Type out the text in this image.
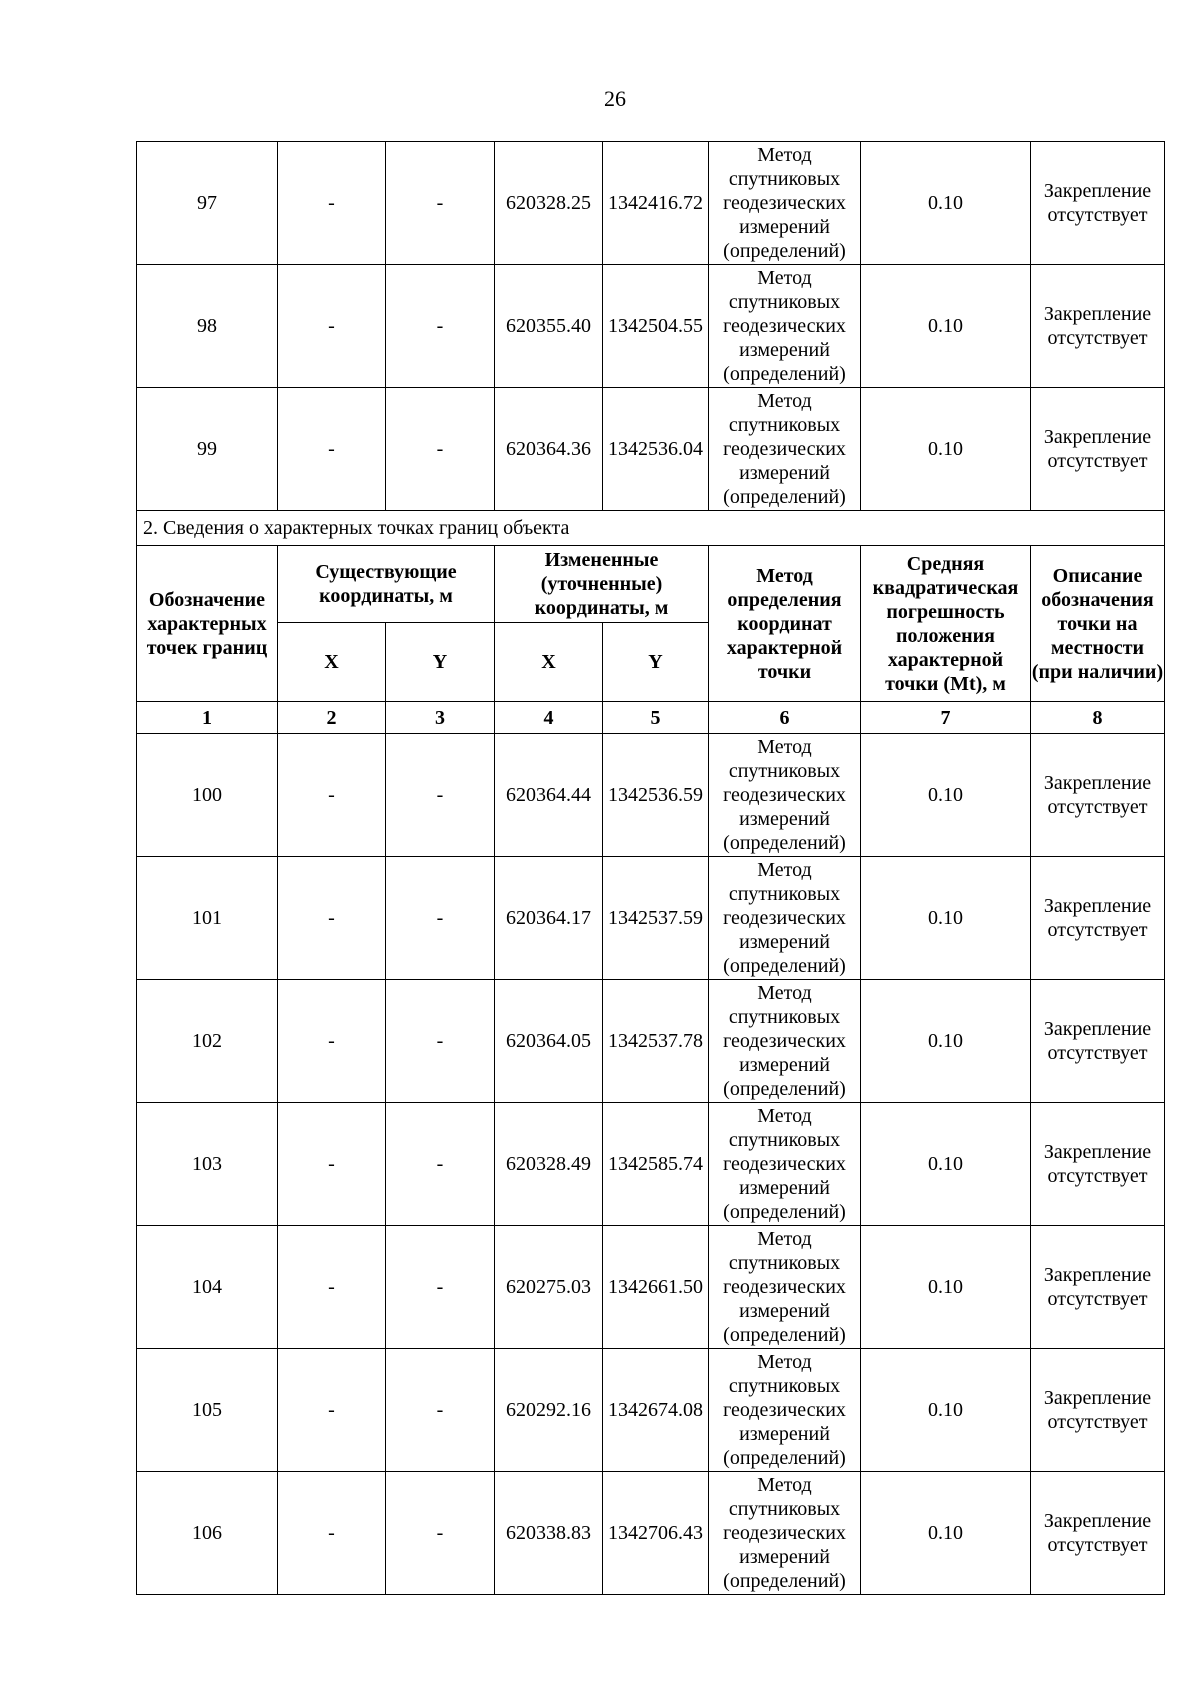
26
97	-	-	620328.25	1342416.72	Метод спутниковых геодезических измерений (определений)	0.10	Закрепление отсутствует
98	-	-	620355.40	1342504.55	Метод спутниковых геодезических измерений (определений)	0.10	Закрепление отсутствует
99	-	-	620364.36	1342536.04	Метод спутниковых геодезических измерений (определений)	0.10	Закрепление отсутствует
2. Сведения о характерных точках границ объекта							
Обозначение характерных точек границ	Существующие координаты, м		Измененные (уточненные) координаты, м		Метод определения координат характерной точки	Средняя квадратическая погрешность положения характерной точки (Mt), м	Описание обозначения точки на местности (при наличии)
	X	Y	X	Y			
1	2	3	4	5	6	7	8
100	-	-	620364.44	1342536.59	Метод спутниковых геодезических измерений (определений)	0.10	Закрепление отсутствует
101	-	-	620364.17	1342537.59	Метод спутниковых геодезических измерений (определений)	0.10	Закрепление отсутствует
102	-	-	620364.05	1342537.78	Метод спутниковых геодезических измерений (определений)	0.10	Закрепление отсутствует
103	-	-	620328.49	1342585.74	Метод спутниковых геодезических измерений (определений)	0.10	Закрепление отсутствует
104	-	-	620275.03	1342661.50	Метод спутниковых геодезических измерений (определений)	0.10	Закрепление отсутствует
105	-	-	620292.16	1342674.08	Метод спутниковых геодезических измерений (определений)	0.10	Закрепление отсутствует
106	-	-	620338.83	1342706.43	Метод спутниковых геодезических измерений (определений)	0.10	Закрепление отсутствует
